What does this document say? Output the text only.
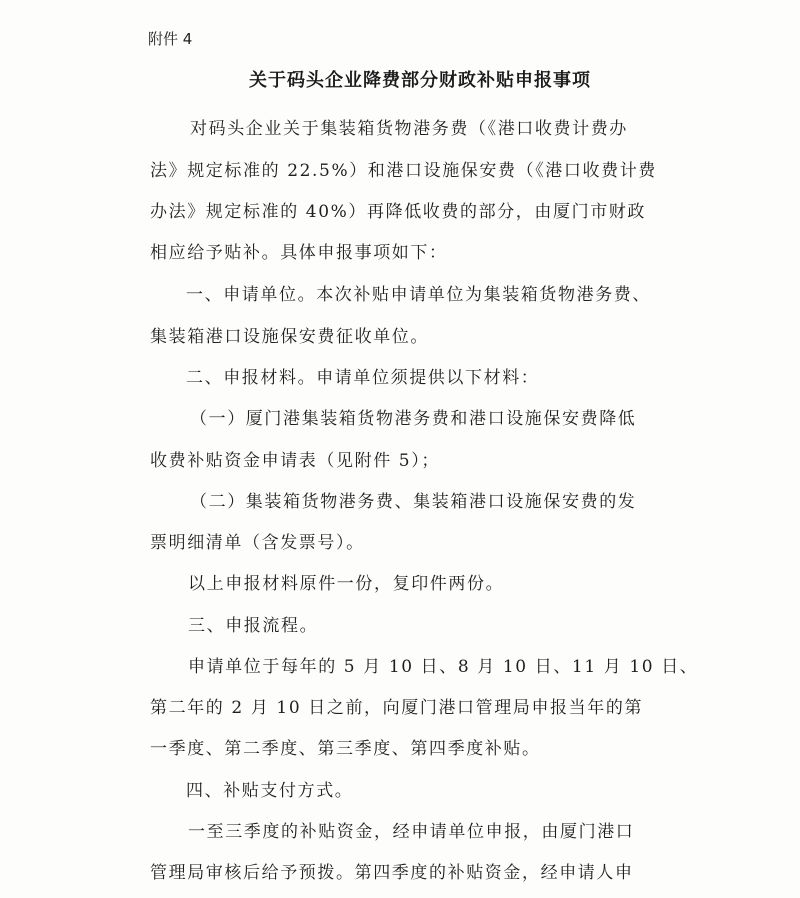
附件 4
关于码头企业降费部分财政补贴申报事项
对码头企业关于集装箱货物港务费（《港口收费计费办
法》规定标准的 22.5%）和港口设施保安费（《港口收费计费
办法》规定标准的 40%）再降低收费的部分，由厦门市财政
相应给予贴补。具体申报事项如下：
一、申请单位。本次补贴申请单位为集装箱货物港务费、
集装箱港口设施保安费征收单位。
二、申报材料。申请单位须提供以下材料：
（一）厦门港集装箱货物港务费和港口设施保安费降低
收费补贴资金申请表（见附件 5）；
（二）集装箱货物港务费、集装箱港口设施保安费的发
票明细清单（含发票号）。
以上申报材料原件一份，复印件两份。
三、申报流程。
申请单位于每年的 5 月 10 日、8 月 10 日、11 月 10 日、
第二年的 2 月 10 日之前，向厦门港口管理局申报当年的第
一季度、第二季度、第三季度、第四季度补贴。
四、补贴支付方式。
一至三季度的补贴资金，经申请单位申报，由厦门港口
管理局审核后给予预拨。第四季度的补贴资金，经申请人申
